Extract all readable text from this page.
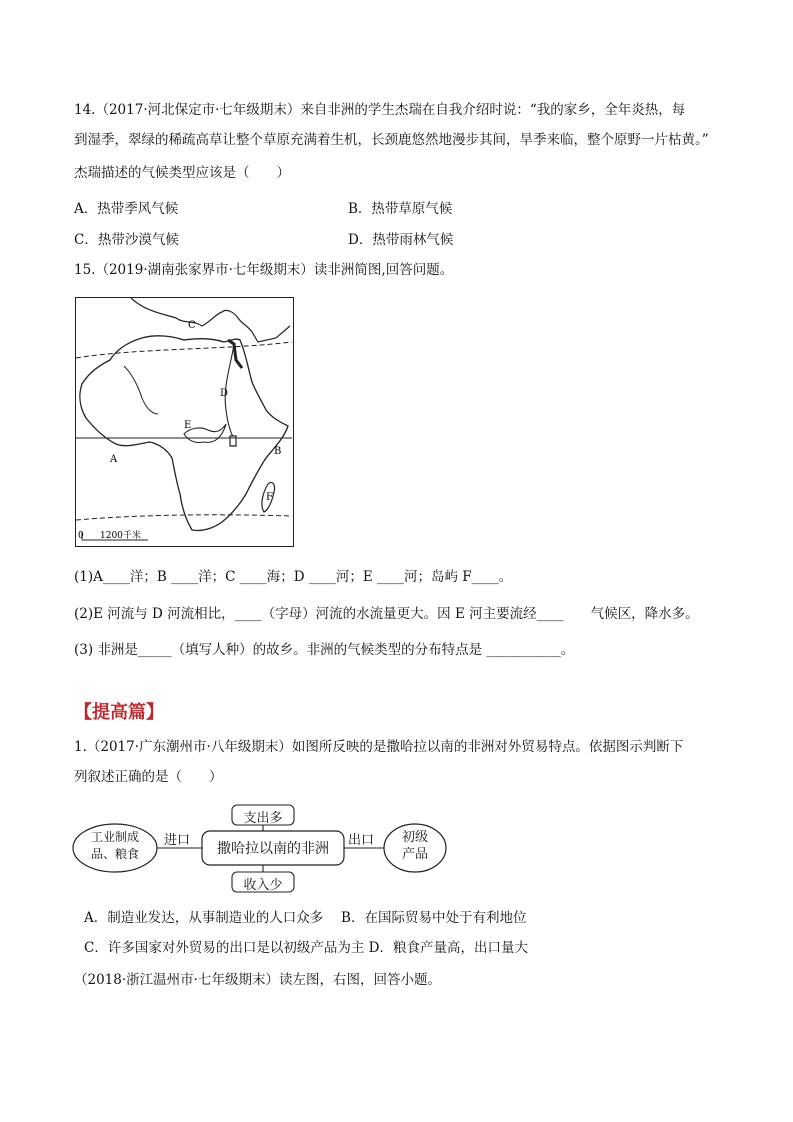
14.（2017·河北保定市·七年级期末）来自非洲的学生杰瑞在自我介绍时说：“我的家乡，全年炎热，每
到湿季，翠绿的稀疏高草让整个草原充满着生机，长颈鹿悠然地漫步其间，旱季来临，整个原野一片枯黄。”
杰瑞描述的气候类型应该是（　　）
A．热带季风气候	B．热带草原气候
C．热带沙漠气候	D．热带雨林气候
15.（2019·湖南张家界市·七年级期末）读非洲简图,回答问题。
C
D
E
A
B
F
0 1200千米
(1)A____洋；B ____洋；C ____海；D ____河；E ____河；岛屿 F____。
(2)E 河流与 D 河流相比，____（字母）河流的水流量更大。因 E 河主要流经____　　气候区，降水多。
(3) 非洲是_____（填写人种）的故乡。非洲的气候类型的分布特点是 ___________。
【提高篇】
1.（2017·广东潮州市·八年级期末）如图所反映的是撒哈拉以南的非洲对外贸易特点。依据图示判断下
列叙述正确的是（　　）
工业制成
品、粮食
进口
撒哈拉以南的非洲
出口	初级
产品
支出多
收入少
A．制造业发达，从事制造业的人口众多　 B．在国际贸易中处于有利地位
C．许多国家对外贸易的出口是以初级产品为主 D．粮食产量高，出口量大
（2018·浙江温州市·七年级期末）读左图，右图，回答小题。
